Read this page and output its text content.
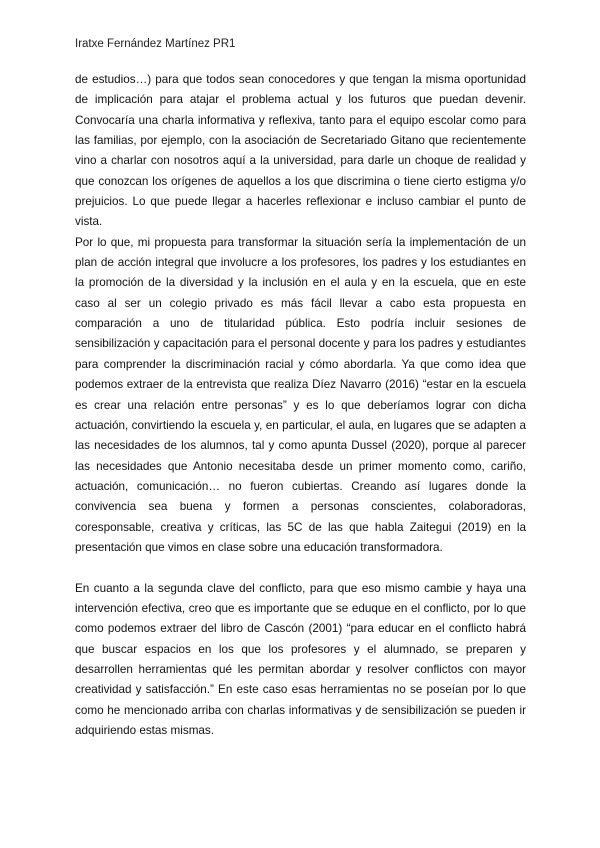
Iratxe Fernández Martínez PR1

de estudios…) para que todos sean conocedores y que tengan la misma oportunidad de implicación para atajar el problema actual y los futuros que puedan devenir. Convocaría una charla informativa y reflexiva, tanto para el equipo escolar como para las familias, por ejemplo, con la asociación de Secretariado Gitano que recientemente vino a charlar con nosotros aquí a la universidad, para darle un choque de realidad y que conozcan los orígenes de aquellos a los que discrimina o tiene cierto estigma y/o prejuicios. Lo que puede llegar a hacerles reflexionar e incluso cambiar el punto de vista.

Por lo que, mi propuesta para transformar la situación sería la implementación de un plan de acción integral que involucre a los profesores, los padres y los estudiantes en la promoción de la diversidad y la inclusión en el aula y en la escuela, que en este caso al ser un colegio privado es más fácil llevar a cabo esta propuesta en comparación a uno de titularidad pública. Esto podría incluir sesiones de sensibilización y capacitación para el personal docente y para los padres y estudiantes para comprender la discriminación racial y cómo abordarla. Ya que como idea que podemos extraer de la entrevista que realiza Díez Navarro (2016) “estar en la escuela es crear una relación entre personas” y es lo que deberíamos lograr con dicha actuación, convirtiendo la escuela y, en particular, el aula, en lugares que se adapten a las necesidades de los alumnos, tal y como apunta Dussel (2020), porque al parecer las necesidades que Antonio necesitaba desde un primer momento como, cariño, actuación, comunicación… no fueron cubiertas. Creando así lugares donde la convivencia sea buena y formen a personas conscientes, colaboradoras, coresponsable, creativa y críticas, las 5C de las que habla Zaitegui (2019) en la presentación que vimos en clase sobre una educación transformadora.

En cuanto a la segunda clave del conflicto, para que eso mismo cambie y haya una intervención efectiva, creo que es importante que se eduque en el conflicto, por lo que como podemos extraer del libro de Cascón (2001) “para educar en el conflicto habrá que buscar espacios en los que los profesores y el alumnado, se preparen y desarrollen herramientas qué les permitan abordar y resolver conflictos con mayor creatividad y satisfacción.” En este caso esas herramientas no se poseían por lo que como he mencionado arriba con charlas informativas y de sensibilización se pueden ir adquiriendo estas mismas.
